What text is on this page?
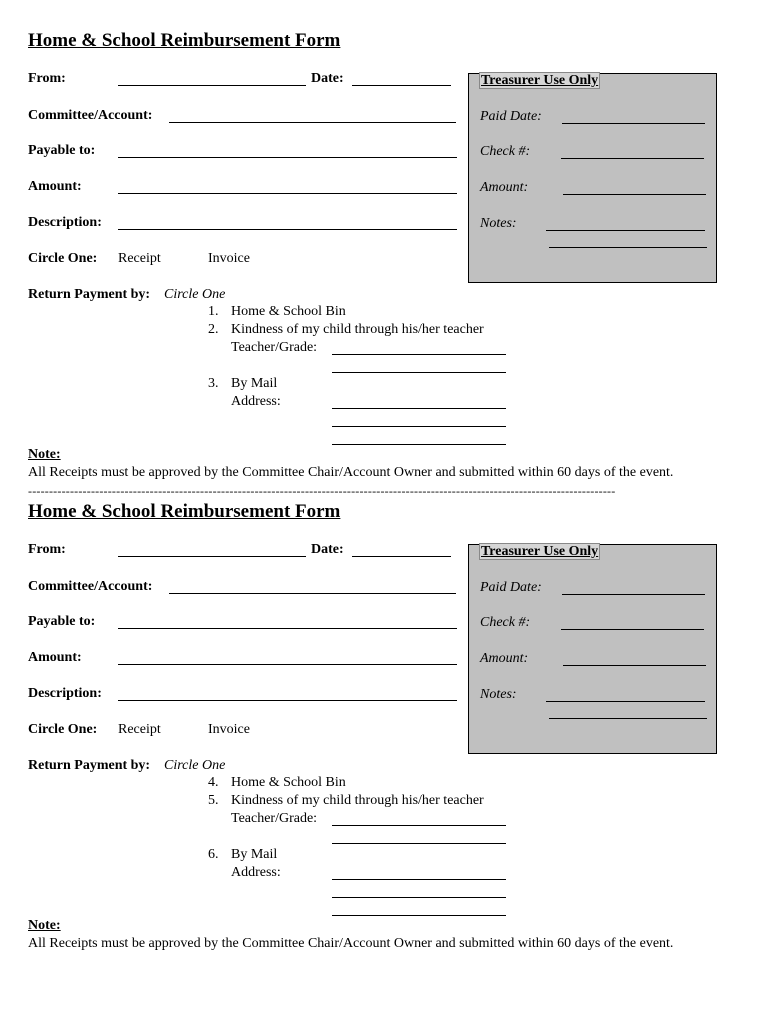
Home & School Reimbursement Form
From:	Date:
Committee/Account:
Payable to:
Amount:
Description:
Circle One: Receipt	Invoice
Return Payment by: Circle One
1. Home & School Bin
2. Kindness of my child through his/her teacher
Teacher/Grade:
3. By Mail
Address:
Treasurer Use Only
Paid Date:
Check #:
Amount:
Notes:
Note:
All Receipts must be approved by the Committee Chair/Account Owner and submitted within 60 days of the event.
--------------------------------------------------------------------------------------------------------------------------------------------
Home & School Reimbursement Form
From:	Date:
Committee/Account:
Payable to:
Amount:
Description:
Circle One: Receipt	Invoice
Return Payment by: Circle One
4. Home & School Bin
5. Kindness of my child through his/her teacher
Teacher/Grade:
6. By Mail
Address:
Treasurer Use Only
Paid Date:
Check #:
Amount:
Notes:
Note:
All Receipts must be approved by the Committee Chair/Account Owner and submitted within 60 days of the event.
